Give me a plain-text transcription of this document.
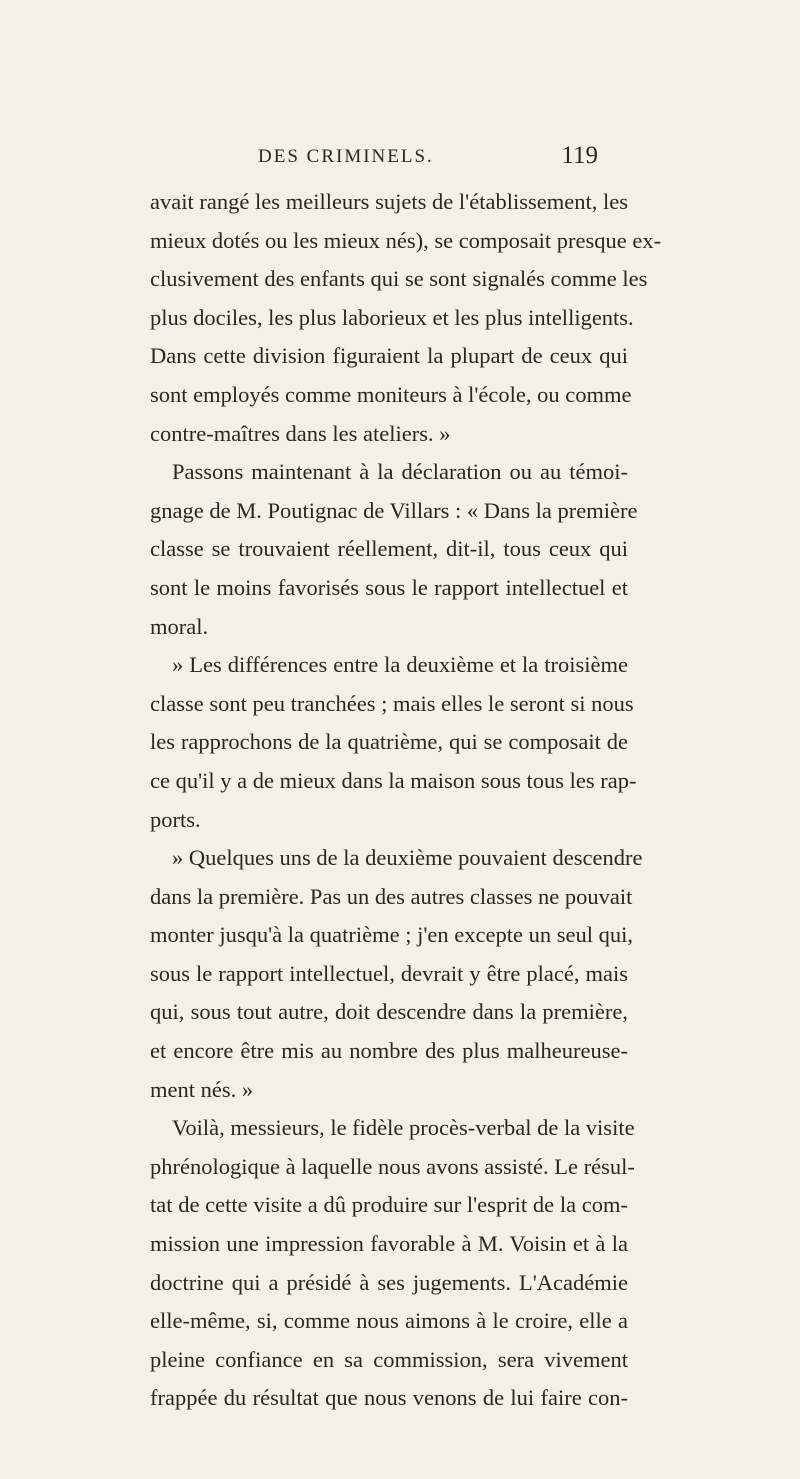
DES CRIMINELS.	119
avait rangé les meilleurs sujets de l'établissement, les
mieux dotés ou les mieux nés), se composait presque ex-
clusivement des enfants qui se sont signalés comme les
plus dociles, les plus laborieux et les plus intelligents.
Dans cette division figuraient la plupart de ceux qui
sont employés comme moniteurs à l'école, ou comme
contre-maîtres dans les ateliers. »
Passons maintenant à la déclaration ou au témoi-
gnage de M. Poutignac de Villars : « Dans la première
classe se trouvaient réellement, dit-il, tous ceux qui
sont le moins favorisés sous le rapport intellectuel et
moral.
» Les différences entre la deuxième et la troisième
classe sont peu tranchées ; mais elles le seront si nous
les rapprochons de la quatrième, qui se composait de
ce qu'il y a de mieux dans la maison sous tous les rap-
ports.
» Quelques uns de la deuxième pouvaient descendre
dans la première. Pas un des autres classes ne pouvait
monter jusqu'à la quatrième ; j'en excepte un seul qui,
sous le rapport intellectuel, devrait y être placé, mais
qui, sous tout autre, doit descendre dans la première,
et encore être mis au nombre des plus malheureuse-
ment nés. »
Voilà, messieurs, le fidèle procès-verbal de la visite
phrénologique à laquelle nous avons assisté. Le résul-
tat de cette visite a dû produire sur l'esprit de la com-
mission une impression favorable à M. Voisin et à la
doctrine qui a présidé à ses jugements. L'Académie
elle-même, si, comme nous aimons à le croire, elle a
pleine confiance en sa commission, sera vivement
frappée du résultat que nous venons de lui faire con-
